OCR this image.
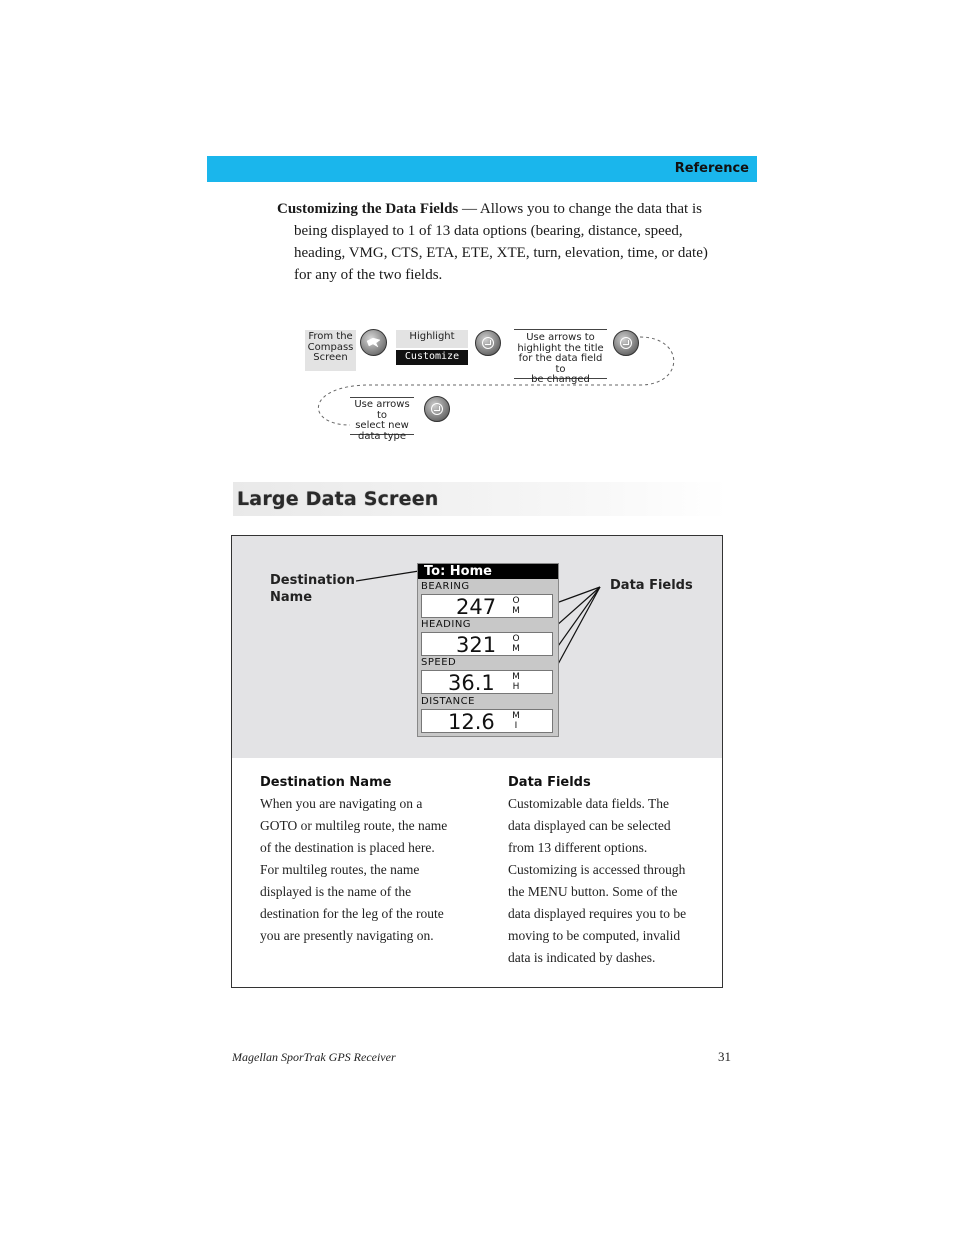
Reference

Customizing the Data Fields — Allows you to change the data that is being displayed to 1 of 13 data options (bearing, distance, speed, heading, VMG, CTS, ETA, ETE, XTE, turn, elevation, time, or date) for any of the two fields.

From the
Compass
Screen
Highlight
Customize
Use arrows to
highlight the title
for the data field to
be changed
Use arrows to
select new
data type
Large Data Screen
Destination
Name
Data Fields
To: Home
BEARING
247	O
M
HEADING
321	O
M
SPEED
36.1	M
H
DISTANCE
12.6	M
I
Destination Name
When you are navigating on a
GOTO or multileg route, the name
of the destination is placed here.
For multileg routes, the name
displayed is the name of the
destination for the leg of the route
you are presently navigating on.
Data Fields
Customizable data fields. The
data displayed can be selected
from 13 different options.
Customizing is accessed through
the MENU button. Some of the
data displayed requires you to be
moving to be computed, invalid
data is indicated by dashes.
Magellan SporTrak GPS Receiver	31
